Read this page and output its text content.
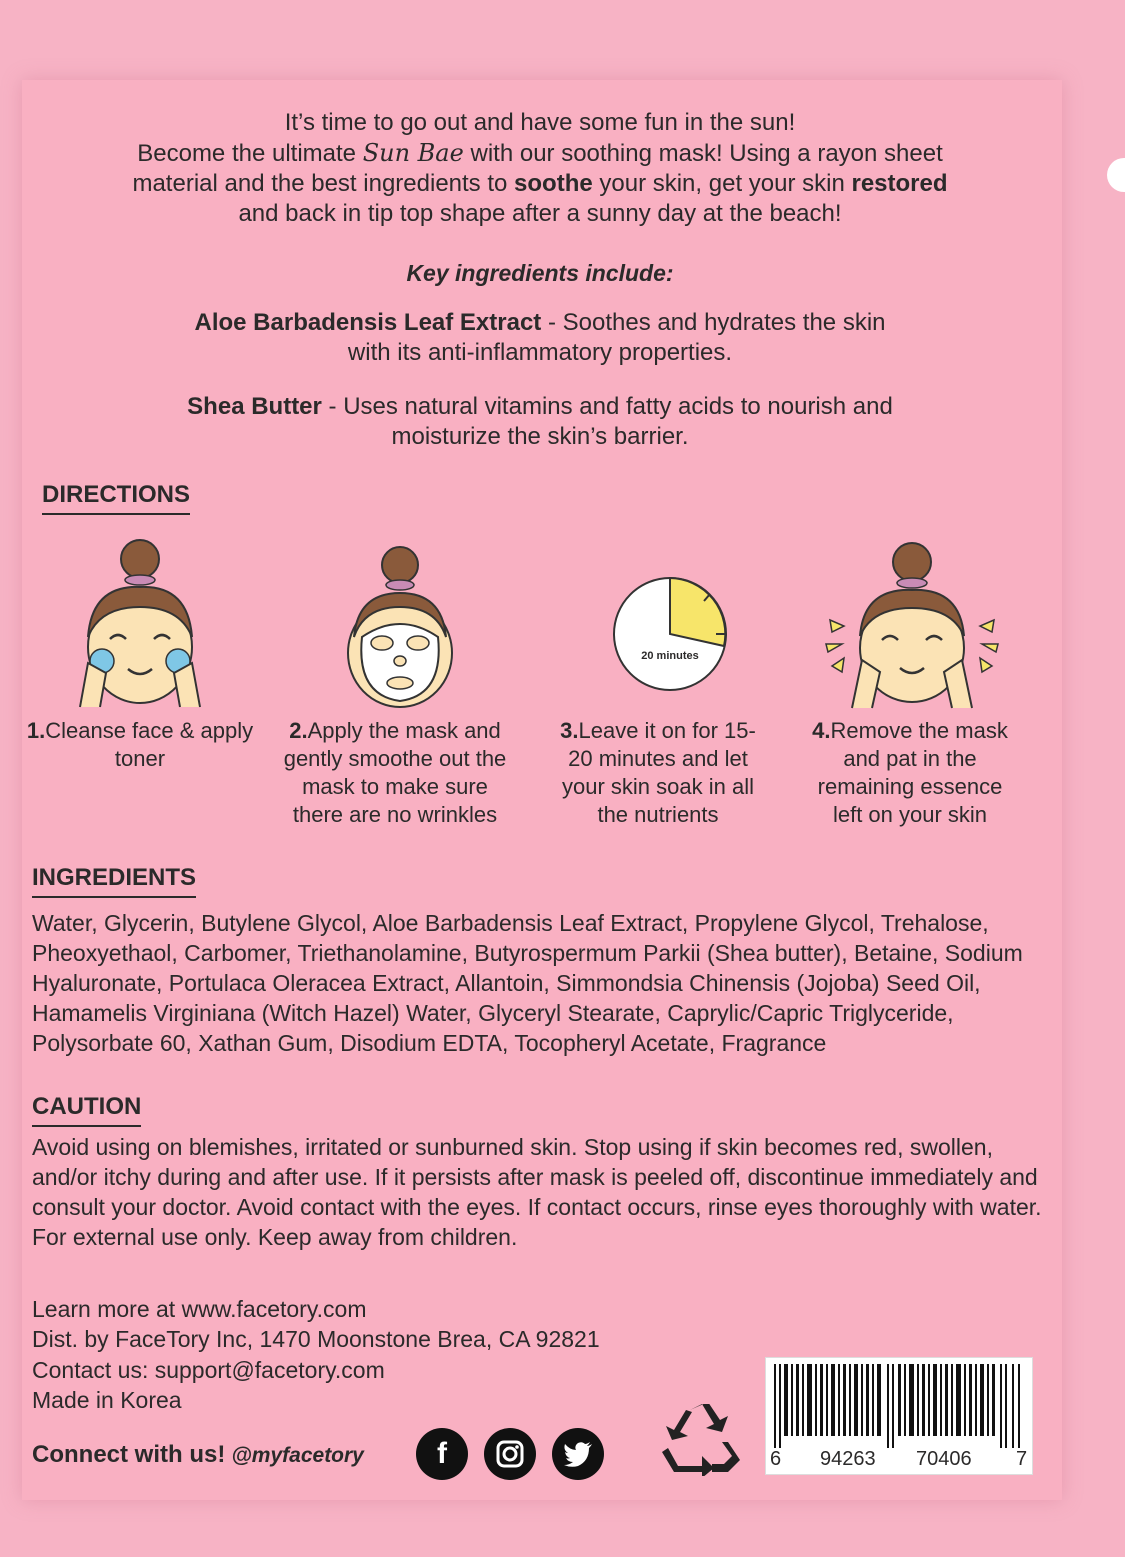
It’s time to go out and have some fun in the sun!

Become the ultimate Sun Bae with our soothing mask! Using a rayon sheet

material and the best ingredients to soothe your skin, get your skin restored

and back in tip top shape after a sunny day at the beach!

Key ingredients include:
Aloe Barbadensis Leaf Extract - Soothes and hydrates the skin
with its anti-inflammatory properties.
Shea Butter - Uses natural vitamins and fatty acids to nourish and
moisturize the skin’s barrier.
DIRECTIONS
20 minutes
1.Cleanse face & apply toner
2.Apply the mask and gently smoothe out the mask to make sure there are no wrinkles
3.Leave it on for 15-20 minutes and let your skin soak in all the nutrients
4.Remove the mask and pat in the remaining essence left on your skin
INGREDIENTS
Water, Glycerin, Butylene Glycol, Aloe Barbadensis Leaf Extract, Propylene Glycol, Trehalose, Pheoxyethaol, Carbomer, Triethanolamine, Butyrospermum Parkii (Shea butter), Betaine, Sodium Hyaluronate, Portulaca Oleracea Extract, Allantoin, Simmondsia Chinensis (Jojoba) Seed Oil, Hamamelis Virginiana (Witch Hazel) Water, Glyceryl Stearate, Caprylic/Capric Triglyceride, Polysorbate 60, Xathan Gum, Disodium EDTA, Tocopheryl Acetate, Fragrance
CAUTION
Avoid using on blemishes, irritated or sunburned skin. Stop using if skin becomes red, swollen, and/or itchy during and after use. If it persists after mask is peeled off, discontinue immediately and consult your doctor. Avoid contact with the eyes. If contact occurs, rinse eyes thoroughly with water. For external use only. Keep away from children.
Learn more at www.facetory.com
Dist. by FaceTory Inc, 1470 Moonstone Brea, CA 92821
Contact us: support@facetory.com
Made in Korea
Connect with us! @myfacetory	f	6 94263 70406 7
